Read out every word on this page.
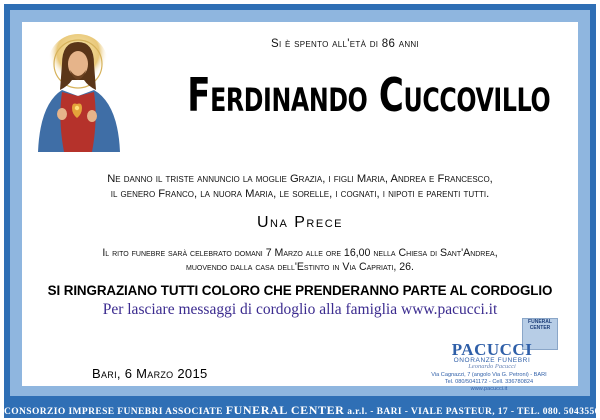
Si è spento all'età di 86 anni
Ferdinando Cuccovillo
Ne danno il triste annuncio la moglie Grazia, i figli Maria, Andrea e Francesco,
il genero Franco, la nuora Maria, le sorelle, i cognati, i nipoti e parenti tutti.
Una Prece
Il rito funebre sarà celebrato domani 7 Marzo alle ore 16,00 nella Chiesa di Sant'Andrea,
muovendo dalla casa dell'Estinto in Via Capriati, 26.
SI RINGRAZIANO TUTTI COLORO CHE PRENDERANNO PARTE AL CORDOGLIO
Per lasciare messaggi di cordoglio alla famiglia www.pacucci.it
Bari, 6 Marzo 2015
FUNERAL
CENTER
PACUCCI
ONORANZE FUNEBRI
Leonardo Pacucci
Via Cagnazzi, 7 (angolo Via G. Petroni) - BARI
Tel. 080/5041172 - Cell. 336780824
www.pacucci.it
CONSORZIO IMPRESE FUNEBRI ASSOCIATE FUNERAL CENTER a.r.l. - BARI - VIALE PASTEUR, 17 - TEL. 080. 5043556
